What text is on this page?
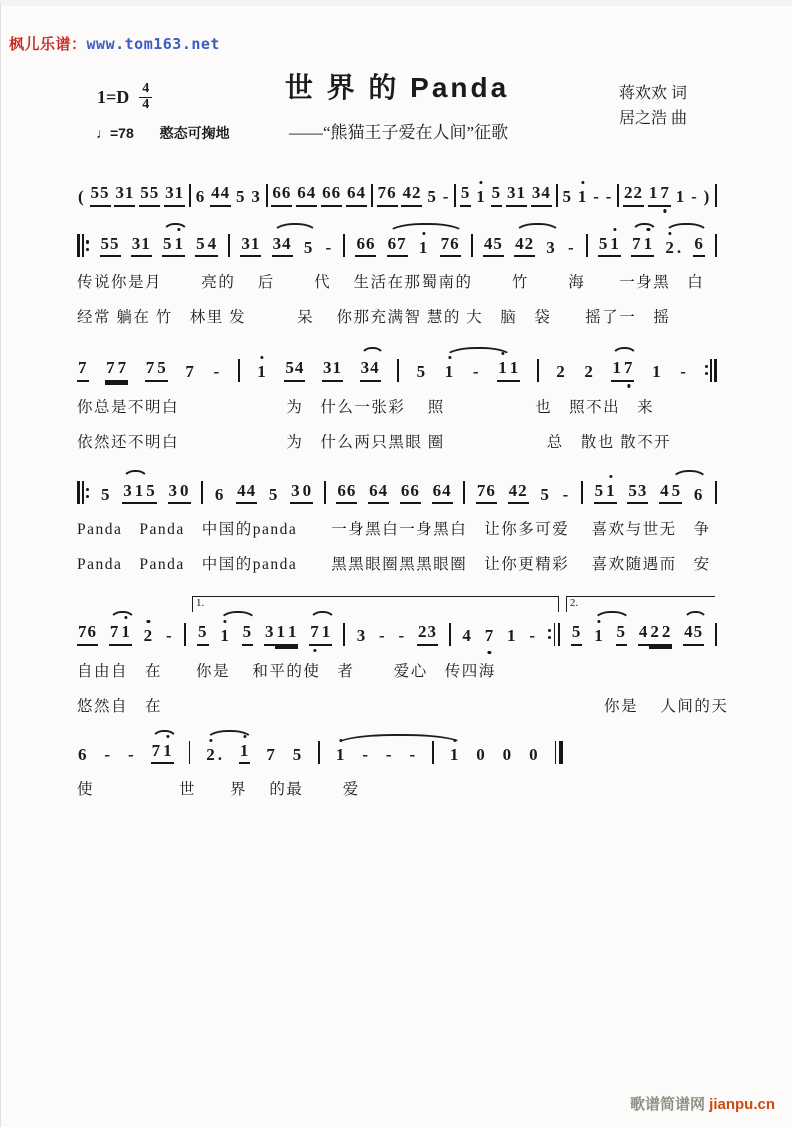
枫儿乐谱：www.tom163.net
$1=D \frac{4}{4}$	世 界 的 Panda	蒋欢欢 词
居之浩 曲
♩=78 憨态可掬地	——“熊猫王子爱在人间”征歌
( 55 31 55 31 6 44 5 3 66 64 66 64 76 42 5 - 5 1 5 31 34 5 1 - - 22 1 7 1 - )
55 31 5 1 5 4 31 34 5 - 66 67 1 76 45 42 3 - 5 1 7 1 2 . 6
传说你是月　　 亮的　 后　　 代　 生活在那蜀南的　　 竹　　 海　　一身黑　白
经常 躺在 竹　林里 发　　　呆　 你那充满智 慧的 大　脑　袋　　摇了一　摇
7 7 7 7 5 7 - 1 54 31 34 5 1 - 1 1 2 2 1 7 1 -
你总是不明白　　　　　　 为　什么一张彩　 照　　　　　 也　照不出　来
依然还不明白　　　　　　 为　什么两只黑眼 圈　　　　　　总　散也 散不开
5 3 1 5 3 0 6 44 5 3 0 66 64 66 64 76 42 5 - 5 1 53 4 5 6
Panda　Panda　中国的panda　　一身黑白一身黑白　让你多可爱　 喜欢与世无　争
Panda　Panda　中国的panda　　黑黑眼圈黑黑眼圈　让你更精彩　 喜欢随遇而　安
76 7 1 2 - 5 1 5 3 1 1 7 1 3 - - 23 4 7 1 - 5 1 5 4 2 2 45
1.	2.
自由自　在　　你是　 和平的使　者　　 爱心　传四海
悠然自　在　　　　　　　　　　　　　　　　　　　　　　　　　　你是　 人间的天
6 - - 7 1 2 . 1 7 5 1 - - - 1 0 0 0
使　　　　　世　　界　 的最　　 爱
歌谱简谱网 jianpu.cn
